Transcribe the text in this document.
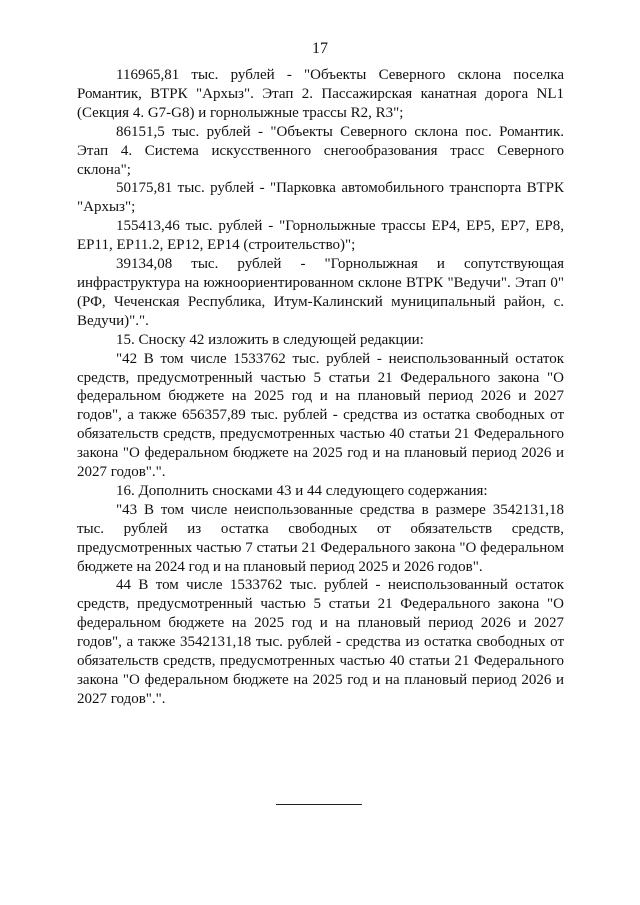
17

116965,81 тыс. рублей - "Объекты Северного склона поселка Романтик, ВТРК "Архыз". Этап 2. Пассажирская канатная дорога NL1 (Секция 4. G7-G8) и горнолыжные трассы R2, R3";

86151,5 тыс. рублей - "Объекты Северного склона пос. Романтик. Этап 4. Система искусственного снегообразования трасс Северного склона";

50175,81 тыс. рублей - "Парковка автомобильного транспорта ВТРК "Архыз";

155413,46 тыс. рублей - "Горнолыжные трассы ЕР4, ЕР5, ЕР7, ЕР8, ЕР11, ЕР11.2, ЕР12, ЕР14 (строительство)";

39134,08 тыс. рублей - "Горнолыжная и сопутствующая инфраструктура на южноориентированном склоне ВТРК "Ведучи". Этап 0" (РФ, Чеченская Республика, Итум-Калинский муниципальный район, с. Ведучи)".".

15. Сноску 42 изложить в следующей редакции:

"42 В том числе 1533762 тыс. рублей - неиспользованный остаток средств, предусмотренный частью 5 статьи 21 Федерального закона "О федеральном бюджете на 2025 год и на плановый период 2026 и 2027 годов", а также 656357,89 тыс. рублей - средства из остатка свободных от обязательств средств, предусмотренных частью 40 статьи 21 Федерального закона "О федеральном бюджете на 2025 год и на плановый период 2026 и 2027 годов".".

16. Дополнить сносками 43 и 44 следующего содержания:

"43 В том числе неиспользованные средства в размере 3542131,18 тыс. рублей из остатка свободных от обязательств средств, предусмотренных частью 7 статьи 21 Федерального закона "О федеральном бюджете на 2024 год и на плановый период 2025 и 2026 годов".

44 В том числе 1533762 тыс. рублей - неиспользованный остаток средств, предусмотренный частью 5 статьи 21 Федерального закона "О федеральном бюджете на 2025 год и на плановый период 2026 и 2027 годов", а также 3542131,18 тыс. рублей - средства из остатка свободных от обязательств средств, предусмотренных частью 40 статьи 21 Федерального закона "О федеральном бюджете на 2025 год и на плановый период 2026 и 2027 годов".".
